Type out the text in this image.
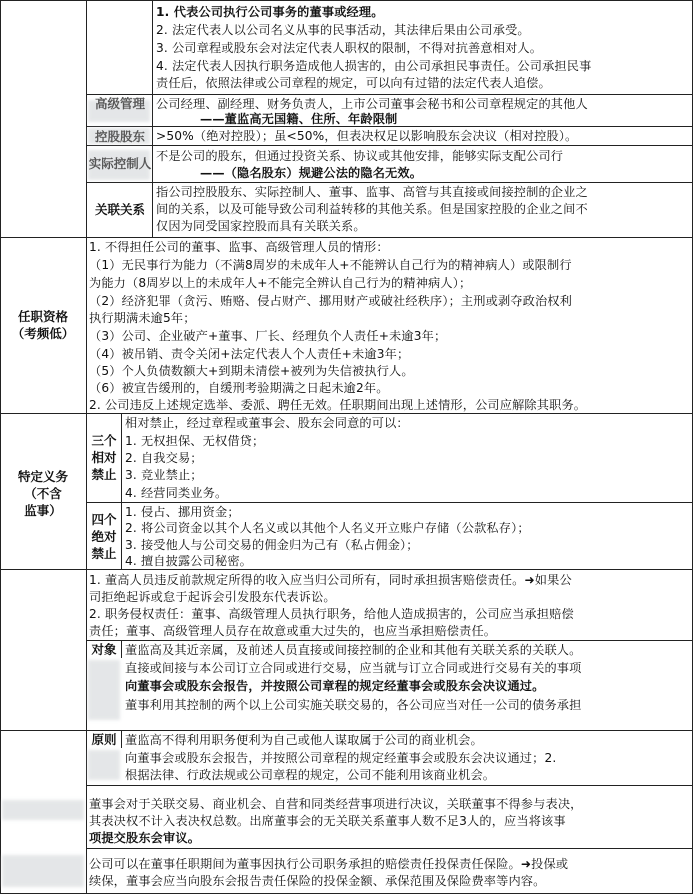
1. 代表公司执行公司事务的董事或经理。
2. 法定代表人以公司名义从事的民事活动，其法律后果由公司承受。
3. 公司章程或股东会对法定代表人职权的限制，不得对抗善意相对人。
4. 法定代表人因执行职务造成他人损害的，由公司承担民事责任。公司承担民事
责任后，依照法律或公司章程的规定，可以向有过错的法定代表人追偿。
高级管理 公司经理、副经理、财务负责人，上市公司董事会秘书和公司章程规定的其他人
——董监高无国籍、住所、年龄限制
控股股东 >50%（绝对控股）；虽<50%，但表决权足以影响股东会决议（相对控股）。
实际控制人 不是公司的股东，但通过投资关系、协议或其他安排，能够实际支配公司行
——（隐名股东）规避公法的隐名无效。
关联关系
指公司控股股东、实际控制人、董事、监事、高管与其直接或间接控制的企业之
间的关系，以及可能导致公司利益转移的其他关系。但是国家控股的企业之间不
仅因为同受国家控股而具有关联关系。
任职资格
（考频低）
1. 不得担任公司的董事、监事、高级管理人员的情形：
（1）无民事行为能力（不满8周岁的未成年人+不能辨认自己行为的精神病人）或限制行
为能力（8周岁以上的未成年人+不能完全辨认自己行为的精神病人）；
（2）经济犯罪（贪污、贿赂、侵占财产、挪用财产或破社经秩序）；主刑或剥夺政治权利
执行期满未逾5年；
（3）公司、企业破产+董事、厂长、经理负个人责任+未逾3年；
（4）被吊销、责令关闭+法定代表人个人责任+未逾3年；
（5）个人负债数额大+到期未清偿+被列为失信被执行人。
（6）被宣告缓刑的，自缓刑考验期满之日起未逾2年。
2. 公司违反上述规定选举、委派、聘任无效。任职期间出现上述情形，公司应解除其职务。
特定义务
（不含
监事）
三个
相对
禁止
相对禁止，经过章程或董事会、股东会同意的可以：
1. 无权担保、无权借贷；
2. 自我交易；
3. 竞业禁止；
4. 经营同类业务。
四个
绝对
禁止
1. 侵占、挪用资金；
2. 将公司资金以其个人名义或以其他个人名义开立账户存储（公款私存）；
3. 接受他人与公司交易的佣金归为己有（私占佣金）；
4. 擅自披露公司秘密。
1. 董高人员违反前款规定所得的收入应当归公司所有，同时承担损害赔偿责任。➜如果公
司拒绝起诉或怠于起诉会引发股东代表诉讼。
2. 职务侵权责任：董事、高级管理人员执行职务，给他人造成损害的，公司应当承担赔偿
责任；董事、高级管理人员存在故意或重大过失的，也应当承担赔偿责任。
对象 董监高及其近亲属，及前述人员直接或间接控制的企业和其他有关联关系的关联人。
直接或间接与本公司订立合同或进行交易，应当就与订立合同或进行交易有关的事项
向董事会或股东会报告，并按照公司章程的规定经董事会或股东会决议通过。
董事利用其控制的两个以上公司实施关联交易的，各公司应当对任一公司的债务承担
原则 董监高不得利用职务便利为自己或他人谋取属于公司的商业机会。
向董事会或股东会报告，并按照公司章程的规定经董事会或股东会决议通过；2.
根据法律、行政法规或公司章程的规定，公司不能利用该商业机会。
董事会对于关联交易、商业机会、自营和同类经营事项进行决议，关联董事不得参与表决，
其表决权不计入表决权总数。出席董事会的无关联关系董事人数不足3人的，应当将该事
项提交股东会审议。
公司可以在董事任职期间为董事因执行公司职务承担的赔偿责任投保责任保险。➜投保或
续保，董事会应当向股东会报告责任保险的投保金额、承保范围及保险费率等内容。
